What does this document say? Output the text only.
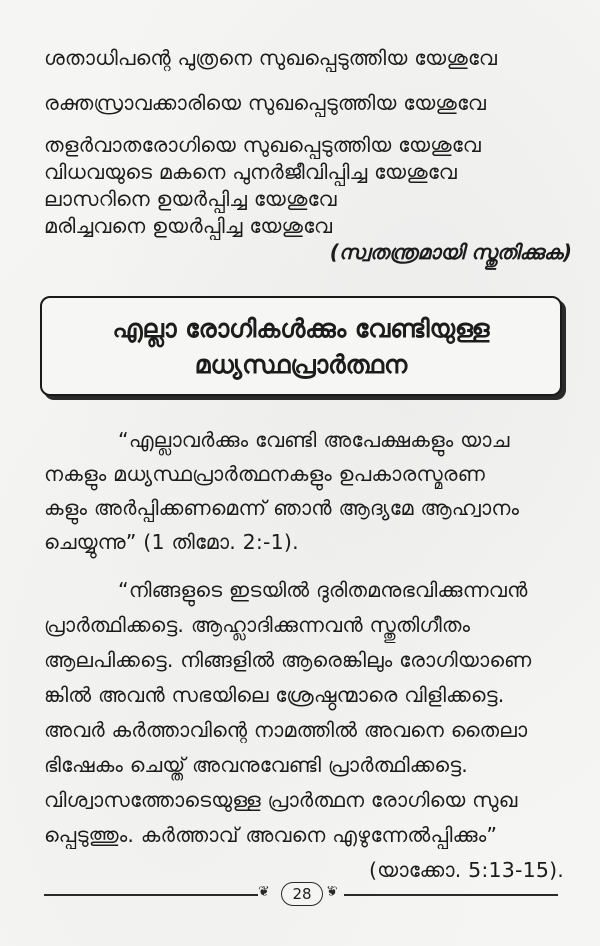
ശതാധിപന്റെ പുത്രനെ സുഖപ്പെടുത്തിയ യേശുവേ
രക്തസ്രാവക്കാരിയെ സുഖപ്പെടുത്തിയ യേശുവേ
തളർവാതരോഗിയെ സുഖപ്പെടുത്തിയ യേശുവേ
വിധവയുടെ മകനെ പുനർജീവിപ്പിച്ച യേശുവേ
ലാസറിനെ ഉയർപ്പിച്ച യേശുവേ
മരിച്ചവനെ ഉയർപ്പിച്ച യേശുവേ
(സ്വതന്ത്രമായി സ്തുതിക്കുക)
എല്ലാ രോഗികൾക്കും വേണ്ടിയുള്ള
മധ്യസ്ഥപ്രാർത്ഥന
“എല്ലാവർക്കും വേണ്ടി അപേക്ഷകളും യാച
നകളും മധ്യസ്ഥപ്രാർത്ഥനകളും ഉപകാരസ്മരണ
കളും അർപ്പിക്കണമെന്ന് ഞാൻ ആദ്യമേ ആഹ്വാനം
ചെയ്യുന്നു” (1 തിമോ. 2:-1).
“നിങ്ങളുടെ ഇടയിൽ ദുരിതമനുഭവിക്കുന്നവൻ
പ്രാർത്ഥിക്കട്ടെ. ആഹ്ലാദിക്കുന്നവൻ സ്തുതിഗീതം
ആലപിക്കട്ടെ. നിങ്ങളിൽ ആരെങ്കിലും രോഗിയാണെ
ങ്കിൽ അവൻ സഭയിലെ ശ്രേഷ്ഠന്മാരെ വിളിക്കട്ടെ.
അവർ കർത്താവിന്റെ നാമത്തിൽ അവനെ തൈലാ
ഭിഷേകം ചെയ്ത് അവനുവേണ്ടി പ്രാർത്ഥിക്കട്ടെ.
വിശ്വാസത്തോടെയുള്ള പ്രാർത്ഥന രോഗിയെ സുഖ
പ്പെടുത്തും. കർത്താവ് അവനെ എഴുന്നേൽപ്പിക്കും”
(യാക്കോ. 5:13-15).
❦	❦
28
